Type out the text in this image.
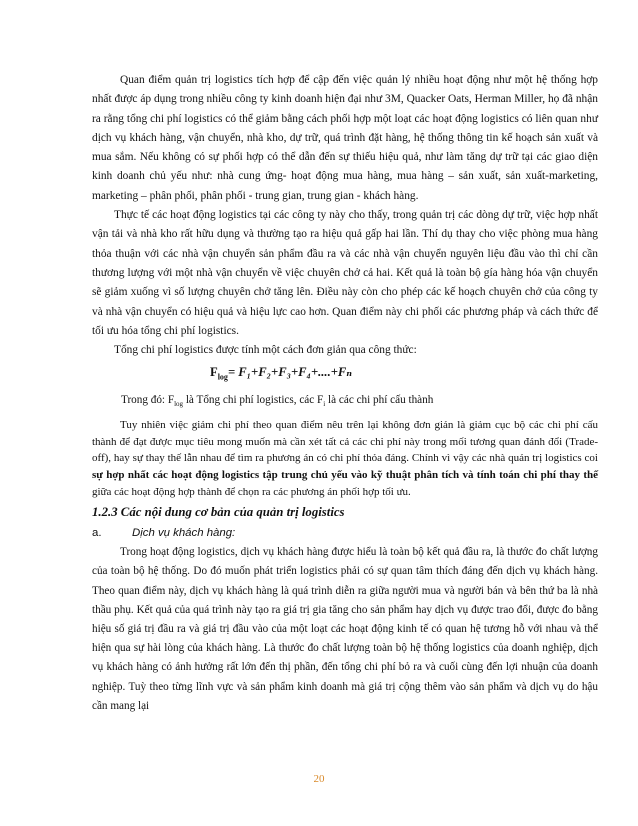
Quan điểm quản trị logistics tích hợp để cập đến việc quản lý nhiều hoạt động như một hệ thống hợp nhất được áp dụng trong nhiều công ty kinh doanh hiện đại như 3M, Quacker Oats, Herman Miller, họ đã nhận ra rằng tổng chi phí logistics có thể giảm bằng cách phối hợp một loạt các hoạt động logistics có liên quan như dịch vụ khách hàng, vận chuyển, nhà kho, dự trữ, quá trình đặt hàng, hệ thống thông tin kế hoạch sản xuất và mua sắm. Nếu không có sự phối hợp có thể dẫn đến sự thiếu hiệu quả, như làm tăng dự trữ tại các giao diện kinh doanh chủ yếu như: nhà cung ứng- hoạt động mua hàng, mua hàng – sản xuất, sản xuất-marketing, marketing – phân phối, phân phối - trung gian, trung gian - khách hàng.

Thực tế các hoạt động logistics tại các công ty này cho thấy, trong quản trị các dòng dự trữ, việc hợp nhất vận tải và nhà kho rất hữu dụng và thường tạo ra hiệu quả gấp hai lần. Thí dụ thay cho việc phòng mua hàng thỏa thuận với các nhà vận chuyển sản phẩm đầu ra và các nhà vận chuyển nguyên liệu đầu vào thì chỉ cần thương lượng với một nhà vận chuyển về việc chuyên chở cả hai. Kết quả là toàn bộ gía hàng hóa vận chuyển sẽ giảm xuống vì số lượng chuyên chở tăng lên. Điều này còn cho phép các kế hoạch chuyên chở của công ty và nhà vận chuyển có hiệu quả và hiệu lực cao hơn. Quan điểm này chi phối các phương pháp và cách thức để tối ưu hóa tổng chi phí logistics.

Tổng chi phí logistics được tính một cách đơn giản qua công thức:

$F_{log}= F_1+F_2+F_3+F_4+....+F_n$

Trong đó: $F_{log}$ là Tổng chi phí logistics, các $F_i$ là các chi phí cấu thành

Tuy nhiên việc giảm chi phí theo quan điểm nêu trên lại không đơn giản là giảm cục bộ các chi phí cấu thành để đạt được mục tiêu mong muốn mà cần xét tất cả các chi phí này trong mối tương quan đánh đổi (Trade-off), hay sự thay thế lẫn nhau để tìm ra phương án có chi phí thỏa đáng. Chính vì vậy các nhà quản trị logistics coi sự hợp nhất các hoạt động logistics tập trung chủ yếu vào kỹ thuật phân tích và tính toán chi phí thay thế giữa các hoạt động hợp thành để chọn ra các phương án phối hợp tối ưu.

1.2.3 Các nội dung cơ bản của quản trị logistics

a.	Dịch vụ khách hàng:

Trong hoạt động logistics, dịch vụ khách hàng được hiểu là toàn bộ kết quả đầu ra, là thước đo chất lượng của toàn bộ hệ thống. Do đó muốn phát triển logistics phải có sự quan tâm thích đáng đến dịch vụ khách hàng. Theo quan điểm này, dịch vụ khách hàng là quá trình diễn ra giữa người mua và người bán và bên thứ ba là nhà thầu phụ. Kết quả của quá trình này tạo ra giá trị gia tăng cho sản phẩm hay dịch vụ được trao đổi, được đo bằng hiệu số giá trị đầu ra và giá trị đầu vào của một loạt các hoạt động kinh tế có quan hệ tương hỗ với nhau và thể hiện qua sự hài lòng của khách hàng. Là thước đo chất lượng toàn bộ hệ thống logistics của doanh nghiệp, dịch vụ khách hàng có ảnh hưởng rất lớn đến thị phần, đến tổng chi phí bỏ ra và cuối cùng đến lợi nhuận của doanh nghiệp. Tuỳ theo từng lĩnh vực và sản phẩm kinh doanh mà giá trị cộng thêm vào sản phẩm và dịch vụ do hậu cần mang lại

20
